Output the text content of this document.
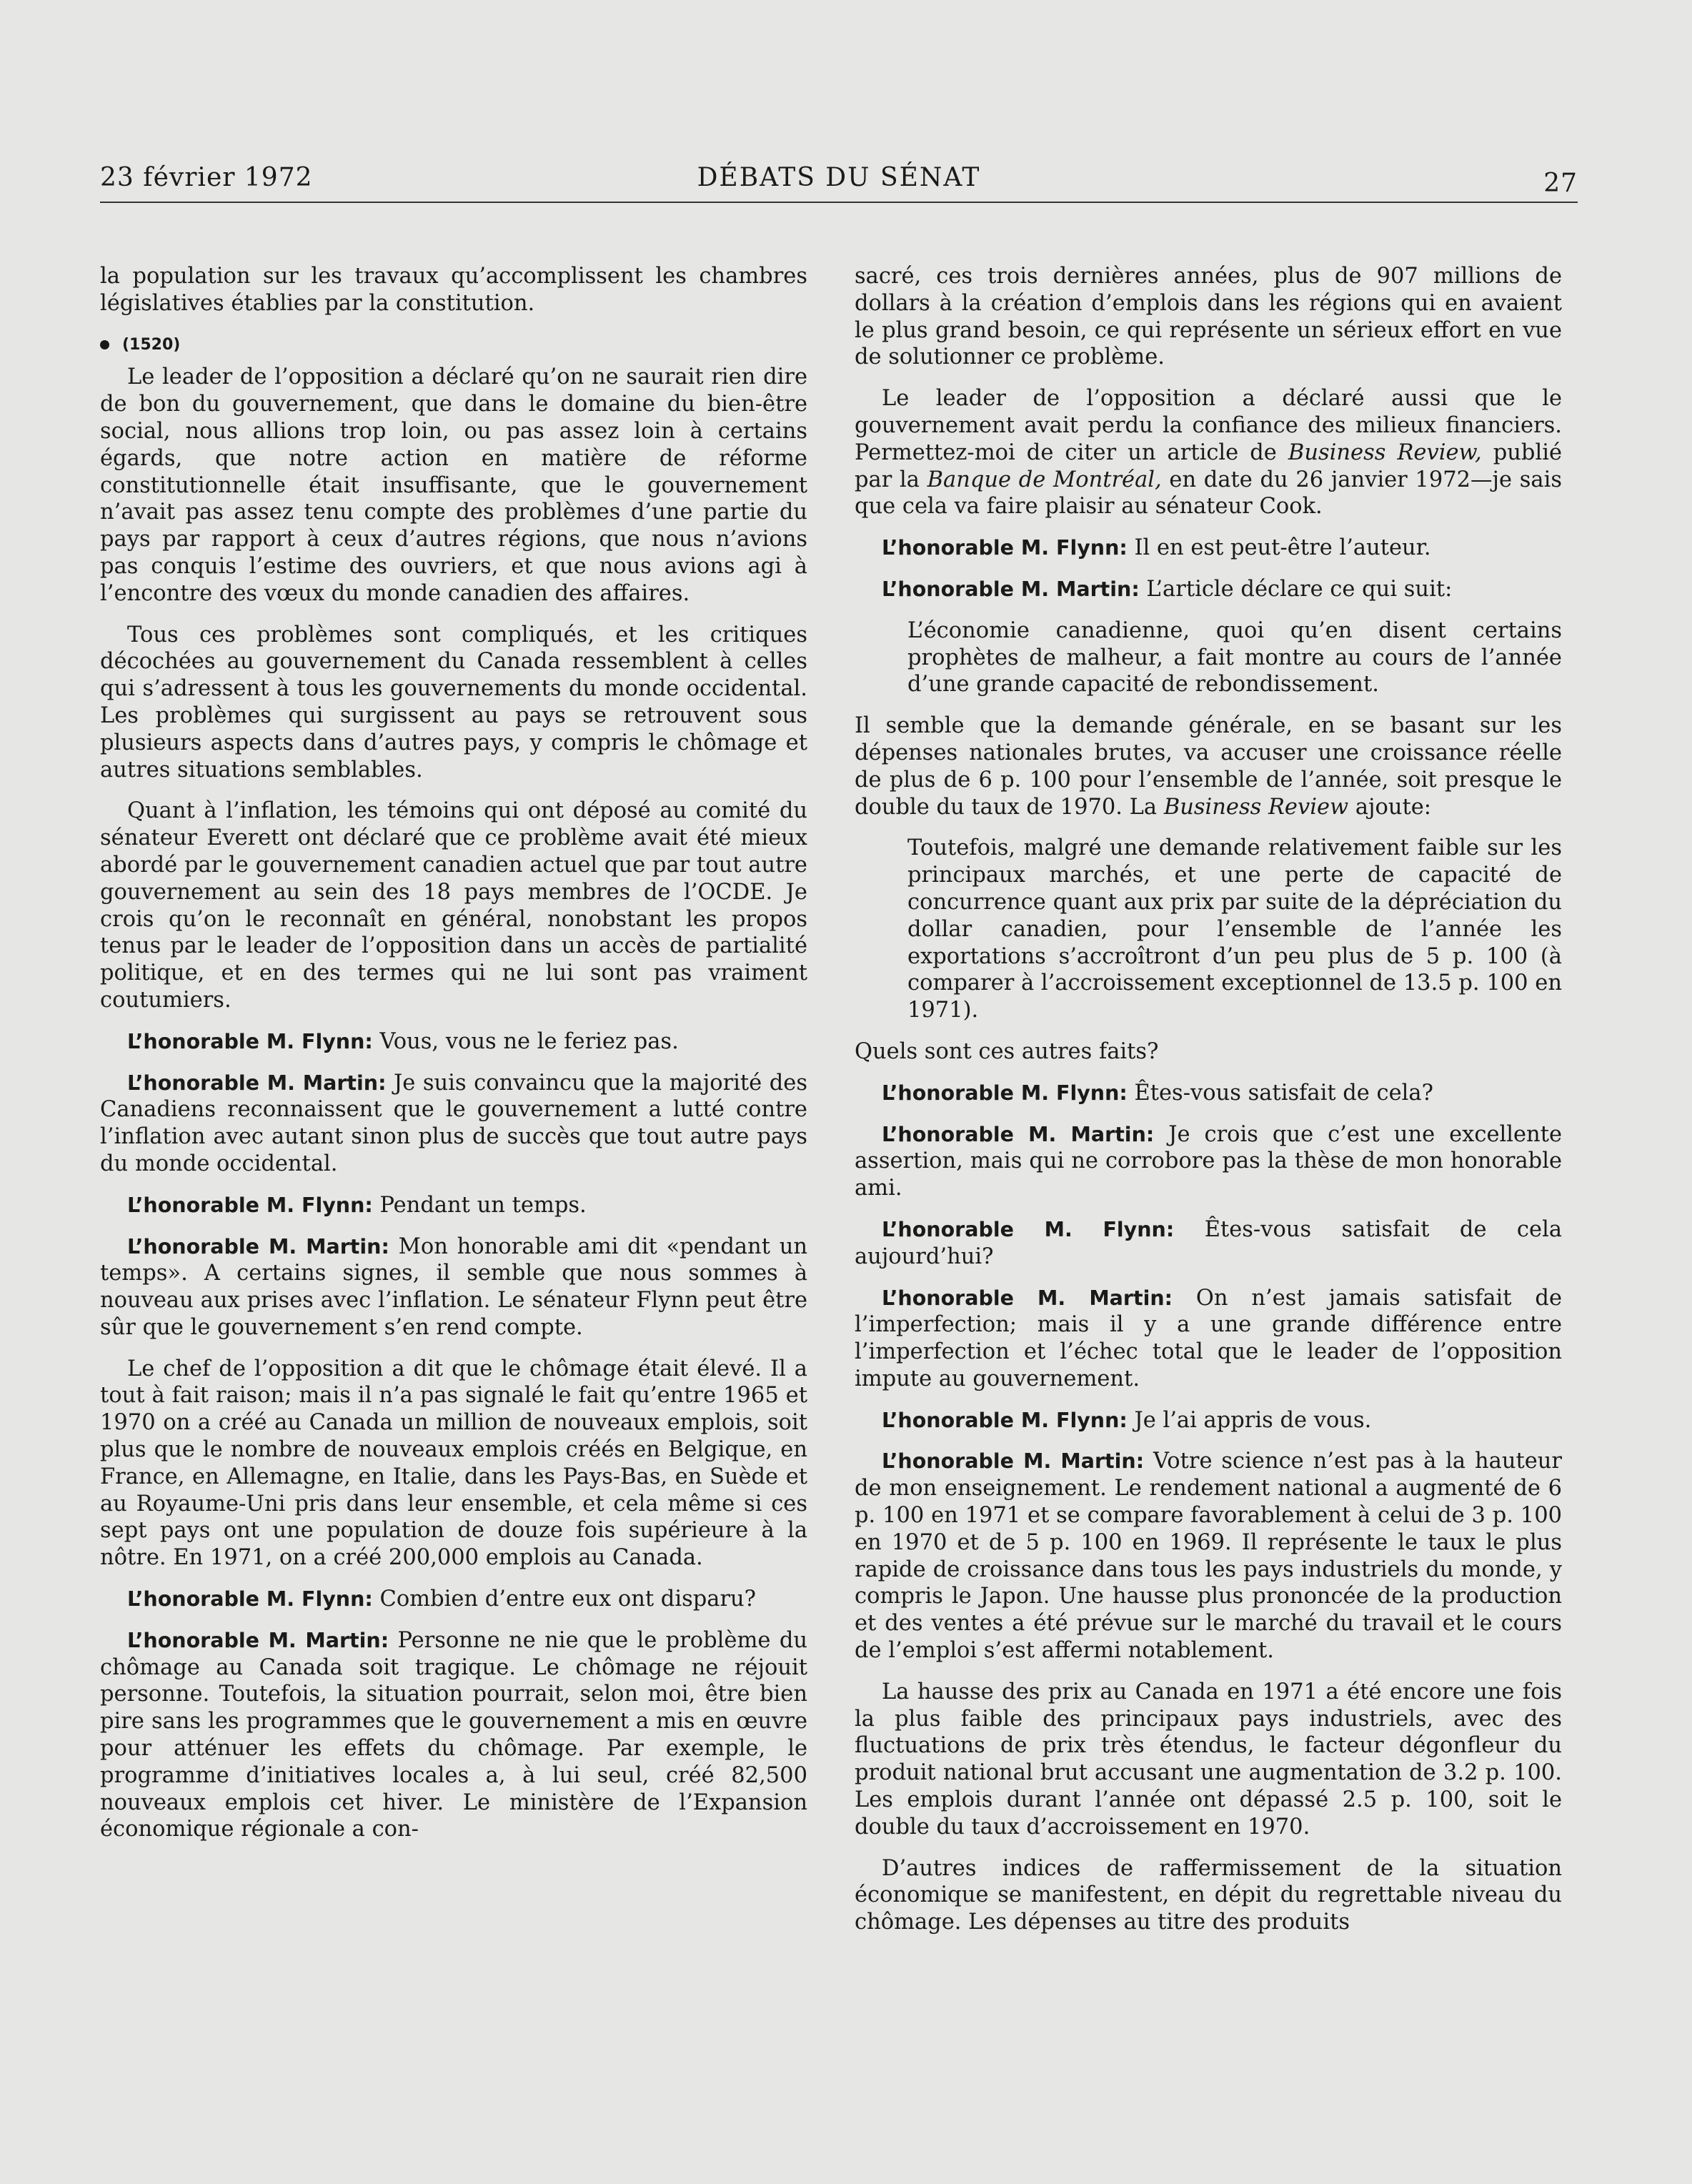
23 février 1972	DÉBATS DU SÉNAT	27

la population sur les travaux qu’accomplissent les chambres législatives établies par la constitution.

(1520)

Le leader de l’opposition a déclaré qu’on ne saurait rien dire de bon du gouvernement, que dans le domaine du bien-être social, nous allions trop loin, ou pas assez loin à certains égards, que notre action en matière de réforme constitutionnelle était insuffisante, que le gouvernement n’avait pas assez tenu compte des problèmes d’une partie du pays par rapport à ceux d’autres régions, que nous n’avions pas conquis l’estime des ouvriers, et que nous avions agi à l’encontre des vœux du monde canadien des affaires.

Tous ces problèmes sont compliqués, et les critiques décochées au gouvernement du Canada ressemblent à celles qui s’adressent à tous les gouvernements du monde occidental. Les problèmes qui surgissent au pays se retrouvent sous plusieurs aspects dans d’autres pays, y compris le chômage et autres situations semblables.

Quant à l’inflation, les témoins qui ont déposé au comité du sénateur Everett ont déclaré que ce problème avait été mieux abordé par le gouvernement canadien actuel que par tout autre gouvernement au sein des 18 pays membres de l’OCDE. Je crois qu’on le reconnaît en général, nonobstant les propos tenus par le leader de l’opposition dans un accès de partialité politique, et en des termes qui ne lui sont pas vraiment coutumiers.

L’honorable M. Flynn: Vous, vous ne le feriez pas.

L’honorable M. Martin: Je suis convaincu que la majorité des Canadiens reconnaissent que le gouvernement a lutté contre l’inflation avec autant sinon plus de succès que tout autre pays du monde occidental.

L’honorable M. Flynn: Pendant un temps.

L’honorable M. Martin: Mon honorable ami dit «pendant un temps». A certains signes, il semble que nous sommes à nouveau aux prises avec l’inflation. Le sénateur Flynn peut être sûr que le gouvernement s’en rend compte.

Le chef de l’opposition a dit que le chômage était élevé. Il a tout à fait raison; mais il n’a pas signalé le fait qu’entre 1965 et 1970 on a créé au Canada un million de nouveaux emplois, soit plus que le nombre de nouveaux emplois créés en Belgique, en France, en Allemagne, en Italie, dans les Pays-Bas, en Suède et au Royaume-Uni pris dans leur ensemble, et cela même si ces sept pays ont une population de douze fois supérieure à la nôtre. En 1971, on a créé 200,000 emplois au Canada.

L’honorable M. Flynn: Combien d’entre eux ont disparu?

L’honorable M. Martin: Personne ne nie que le problème du chômage au Canada soit tragique. Le chômage ne réjouit personne. Toutefois, la situation pourrait, selon moi, être bien pire sans les programmes que le gouvernement a mis en œuvre pour atténuer les effets du chômage. Par exemple, le programme d’initiatives locales a, à lui seul, créé 82,500 nouveaux emplois cet hiver. Le ministère de l’Expansion économique régionale a con-

sacré, ces trois dernières années, plus de 907 millions de dollars à la création d’emplois dans les régions qui en avaient le plus grand besoin, ce qui représente un sérieux effort en vue de solutionner ce problème.

Le leader de l’opposition a déclaré aussi que le gouvernement avait perdu la confiance des milieux financiers. Permettez-moi de citer un article de Business Review, publié par la Banque de Montréal, en date du 26 janvier 1972—je sais que cela va faire plaisir au sénateur Cook.

L’honorable M. Flynn: Il en est peut-être l’auteur.

L’honorable M. Martin: L’article déclare ce qui suit:

L’économie canadienne, quoi qu’en disent certains prophètes de malheur, a fait montre au cours de l’année d’une grande capacité de rebondissement.

Il semble que la demande générale, en se basant sur les dépenses nationales brutes, va accuser une croissance réelle de plus de 6 p. 100 pour l’ensemble de l’année, soit presque le double du taux de 1970. La Business Review ajoute:

Toutefois, malgré une demande relativement faible sur les principaux marchés, et une perte de capacité de concurrence quant aux prix par suite de la dépréciation du dollar canadien, pour l’ensemble de l’année les exportations s’accroîtront d’un peu plus de 5 p. 100 (à comparer à l’accroissement exceptionnel de 13.5 p. 100 en 1971).

Quels sont ces autres faits?

L’honorable M. Flynn: Êtes-vous satisfait de cela?

L’honorable M. Martin: Je crois que c’est une excellente assertion, mais qui ne corrobore pas la thèse de mon honorable ami.

L’honorable M. Flynn: Êtes-vous satisfait de cela aujourd’hui?

L’honorable M. Martin: On n’est jamais satisfait de l’imperfection; mais il y a une grande différence entre l’imperfection et l’échec total que le leader de l’opposition impute au gouvernement.

L’honorable M. Flynn: Je l’ai appris de vous.

L’honorable M. Martin: Votre science n’est pas à la hauteur de mon enseignement. Le rendement national a augmenté de 6 p. 100 en 1971 et se compare favorablement à celui de 3 p. 100 en 1970 et de 5 p. 100 en 1969. Il représente le taux le plus rapide de croissance dans tous les pays industriels du monde, y compris le Japon. Une hausse plus prononcée de la production et des ventes a été prévue sur le marché du travail et le cours de l’emploi s’est affermi notablement.

La hausse des prix au Canada en 1971 a été encore une fois la plus faible des principaux pays industriels, avec des fluctuations de prix très étendus, le facteur dégonfleur du produit national brut accusant une augmentation de 3.2 p. 100. Les emplois durant l’année ont dépassé 2.5 p. 100, soit le double du taux d’accroissement en 1970.

D’autres indices de raffermissement de la situation économique se manifestent, en dépit du regrettable niveau du chômage. Les dépenses au titre des produits
